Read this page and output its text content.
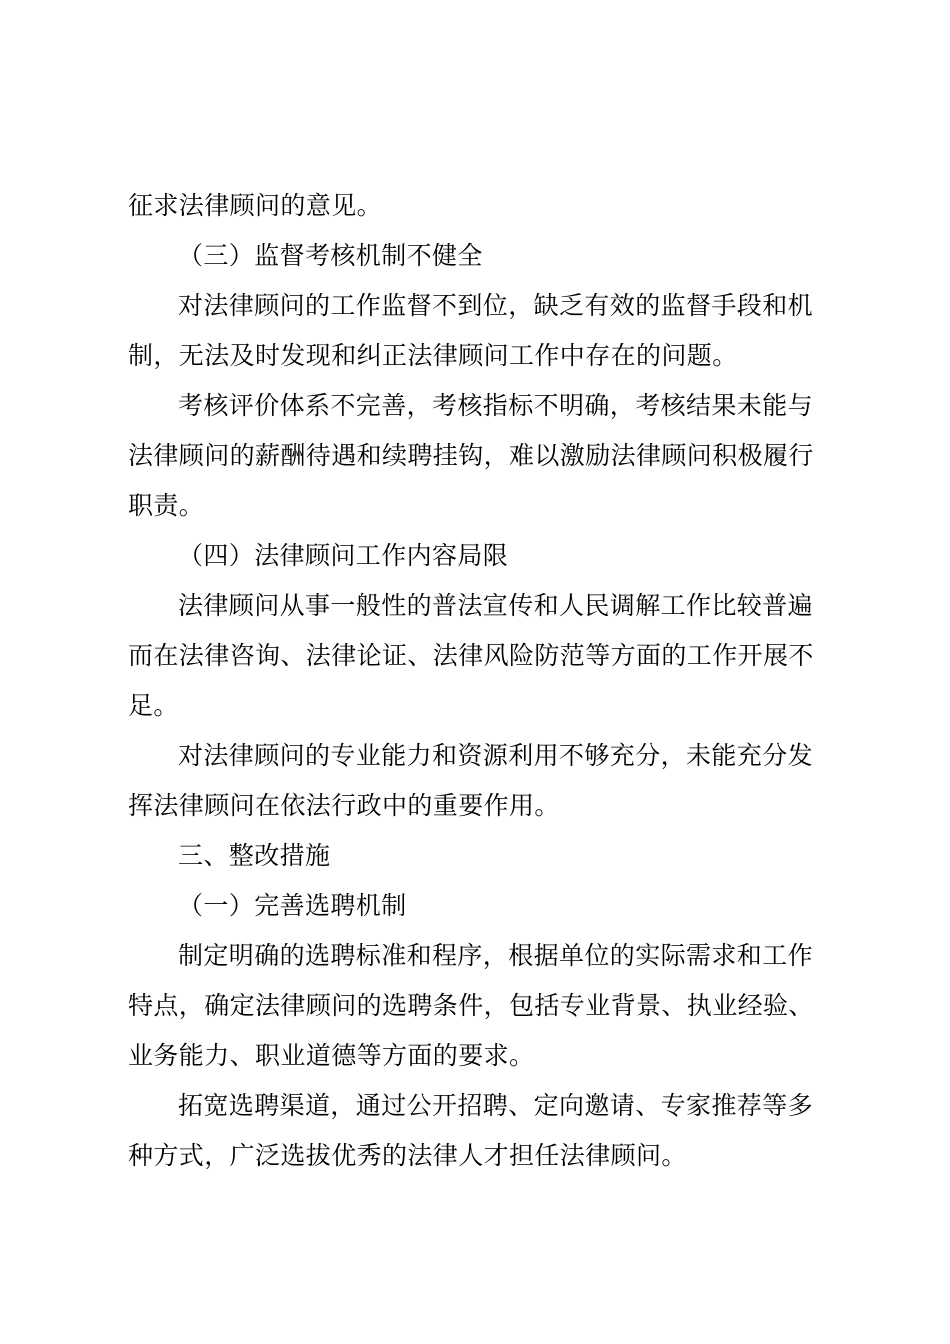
征求法律顾问的意见。
（三）监督考核机制不健全
对法律顾问的工作监督不到位，缺乏有效的监督手段和机
制，无法及时发现和纠正法律顾问工作中存在的问题。
考核评价体系不完善，考核指标不明确，考核结果未能与
法律顾问的薪酬待遇和续聘挂钩，难以激励法律顾问积极履行
职责。
（四）法律顾问工作内容局限
法律顾问从事一般性的普法宣传和人民调解工作比较普遍
而在法律咨询、法律论证、法律风险防范等方面的工作开展不
足。
对法律顾问的专业能力和资源利用不够充分，未能充分发
挥法律顾问在依法行政中的重要作用。
三、整改措施
（一）完善选聘机制
制定明确的选聘标准和程序，根据单位的实际需求和工作
特点，确定法律顾问的选聘条件，包括专业背景、执业经验、
业务能力、职业道德等方面的要求。
拓宽选聘渠道，通过公开招聘、定向邀请、专家推荐等多
种方式，广泛选拔优秀的法律人才担任法律顾问。
